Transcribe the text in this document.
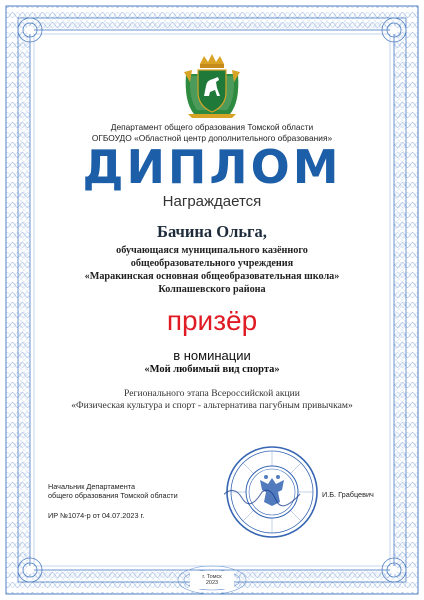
Департамент общего образования Томской области
ОГБОУДО «Областной центр дополнительного образования»
ДИПЛОМ
Награждается
Бачина Ольга,
обучающаяся муниципального казённого
общеобразовательного учреждения
«Маракинская основная общеобразовательная школа»
Колпашевского района
призёр
в номинации
«Мой любимый вид спорта»
Регионального этапа Всероссийской акции
«Физическая культура и спорт - альтернатива пагубным привычкам»
Начальник Департамента
общего образования Томской области	И.Б. Грабцевич
ИР №1074-р от 04.07.2023 г.
г. Томск
2023
